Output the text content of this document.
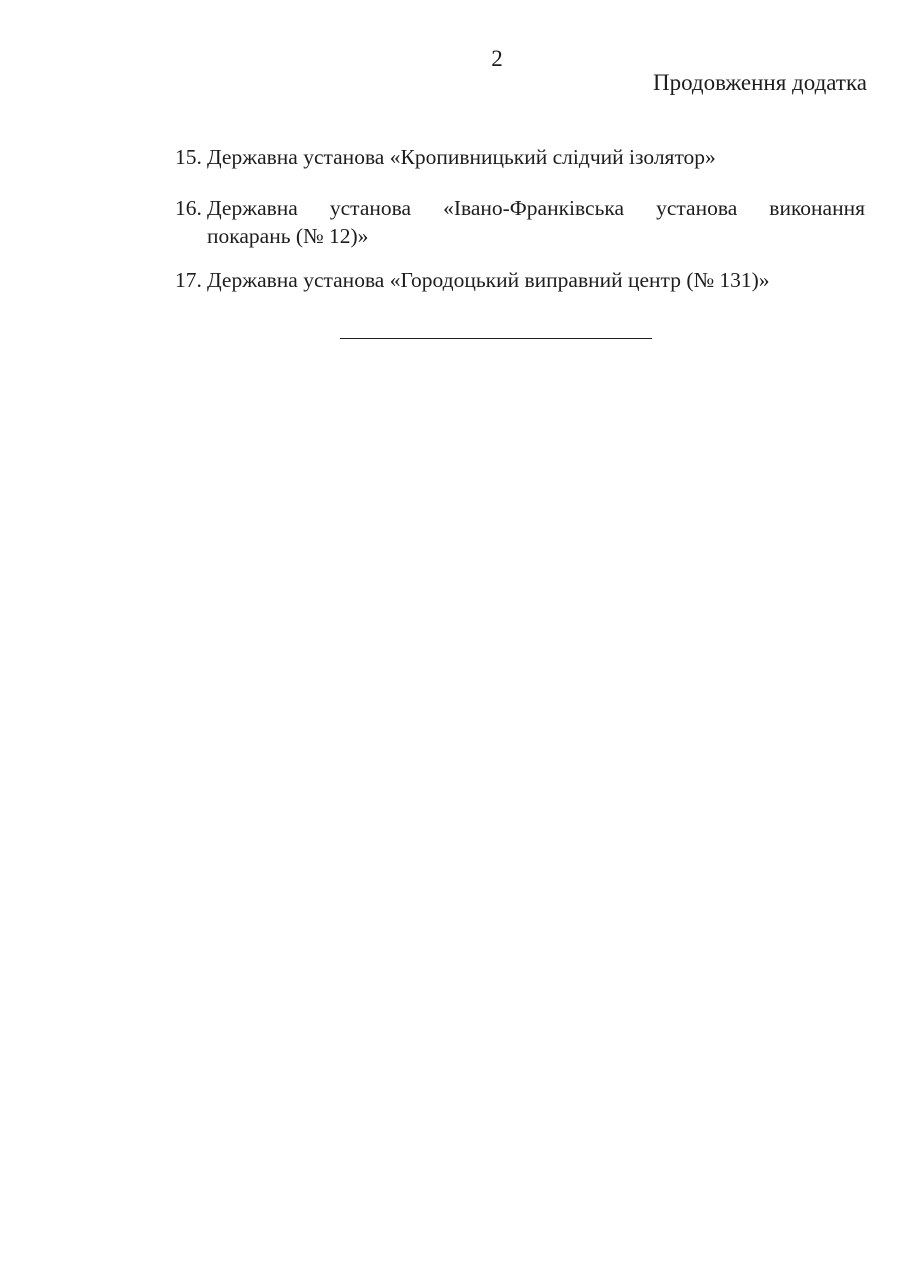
2
Продовження додатка
15. Державна установа «Кропивницький слідчий ізолятор»
16. Державна установа «Івано-Франківська установа виконання
покарань (№ 12)»
17. Державна установа «Городоцький виправний центр (№ 131)»
